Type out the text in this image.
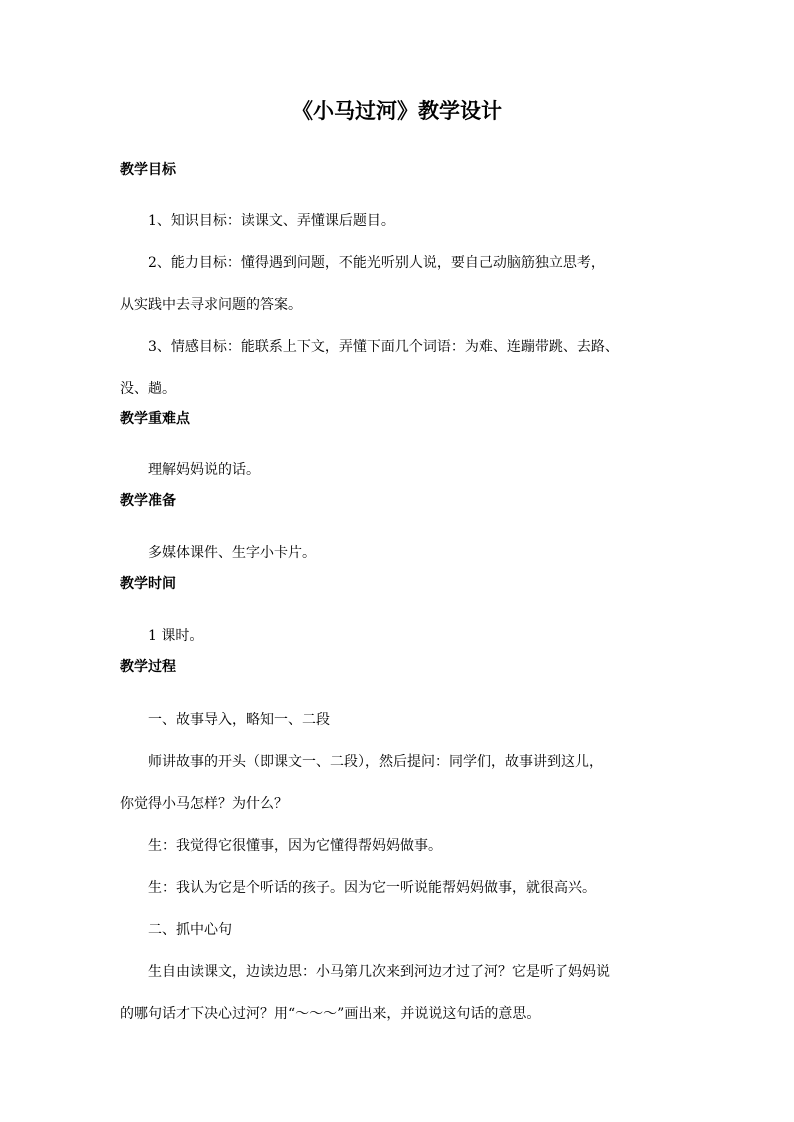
《小马过河》教学设计
教学目标
1、知识目标：读课文、弄懂课后题目。
2、能力目标：懂得遇到问题，不能光听别人说，要自己动脑筋独立思考，
从实践中去寻求问题的答案。
3、情感目标：能联系上下文，弄懂下面几个词语：为难、连蹦带跳、去路、
没、趟。
教学重难点
理解妈妈说的话。
教学准备
多媒体课件、生字小卡片。
教学时间
1 课时。
教学过程
一、故事导入，略知一、二段
师讲故事的开头（即课文一、二段），然后提问：同学们，故事讲到这儿，
你觉得小马怎样？为什么？
生：我觉得它很懂事，因为它懂得帮妈妈做事。
生：我认为它是个听话的孩子。因为它一听说能帮妈妈做事，就很高兴。
二、抓中心句
生自由读课文，边读边思：小马第几次来到河边才过了河？它是听了妈妈说
的哪句话才下决心过河？用“～～～”画出来，并说说这句话的意思。
